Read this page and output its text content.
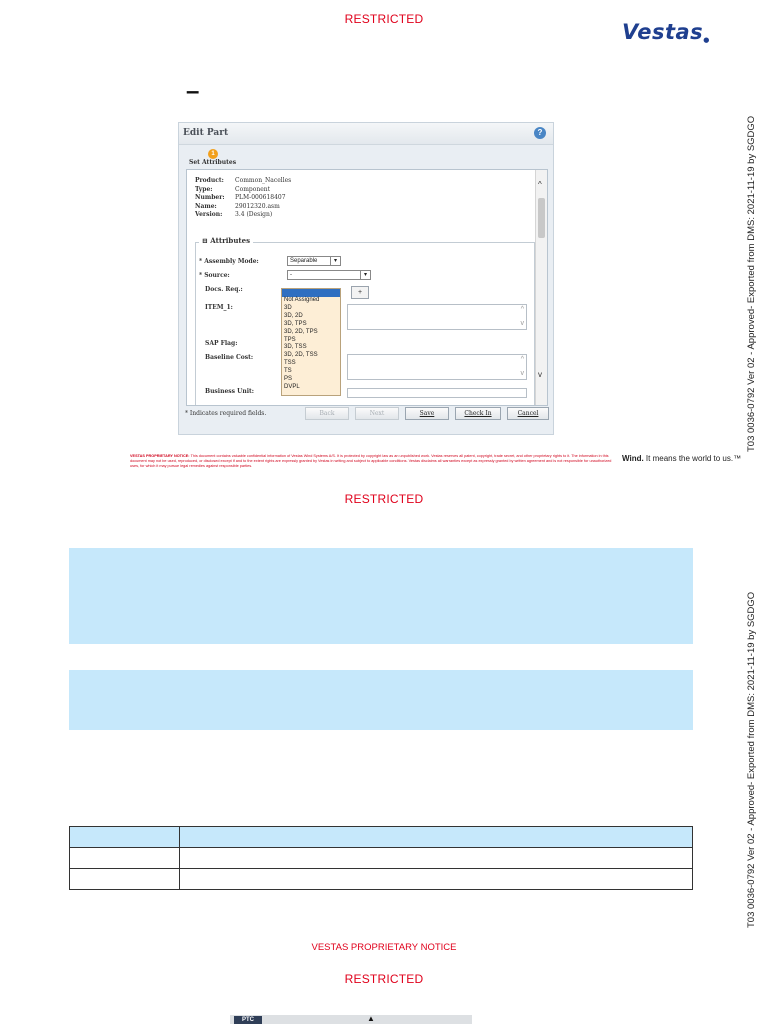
RESTRICTED
Vestas●
–
T03 0036-0792 Ver 02 - Approved- Exported from DMS: 2021-11-19 by SGDGO
T03 0036-0792 Ver 02 - Approved- Exported from DMS: 2021-11-19 by SGDGO
Edit Part	?
1
Set Attributes
Product: Common_Nacelles
Type:	Component
Number: PLM-000618407
Name:	29012320.asm
Version: 3.4 (Design)
⊟ Attributes
* Assembly Mode:	Separable	▾
* Source:	-	▾
Docs. Req.:	+
ITEM_1:	^
v
SAP Flag:
Baseline Cost:	^
v
Business Unit:
^
v
Not Assigned
3D
3D, 2D
3D, TPS
3D, 2D, TPS
TPS
3D, TSS
3D, 2D, TSS
TSS
TS
PS
DVPL
* Indicates required fields.	Back	Next	Save	Check In	Cancel
VESTAS PROPRIETARY NOTICE: This document contains valuable confidential information of Vestas Wind Systems A/S. It is protected by copyright law as an unpublished work. Vestas reserves all patent, copyright, trade secret, and other proprietary rights to it. The information in this document may not be used, reproduced, or disclosed except if and to the extent rights are expressly granted by Vestas in writing and subject to applicable conditions. Vestas disclaims all warranties except as expressly granted by written agreement and is not responsible for unauthorized uses, for which it may pursue legal remedies against responsible parties.
Wind. It means the world to us.™
RESTRICTED

VESTAS PROPRIETARY NOTICE
RESTRICTED
PTC	▲
